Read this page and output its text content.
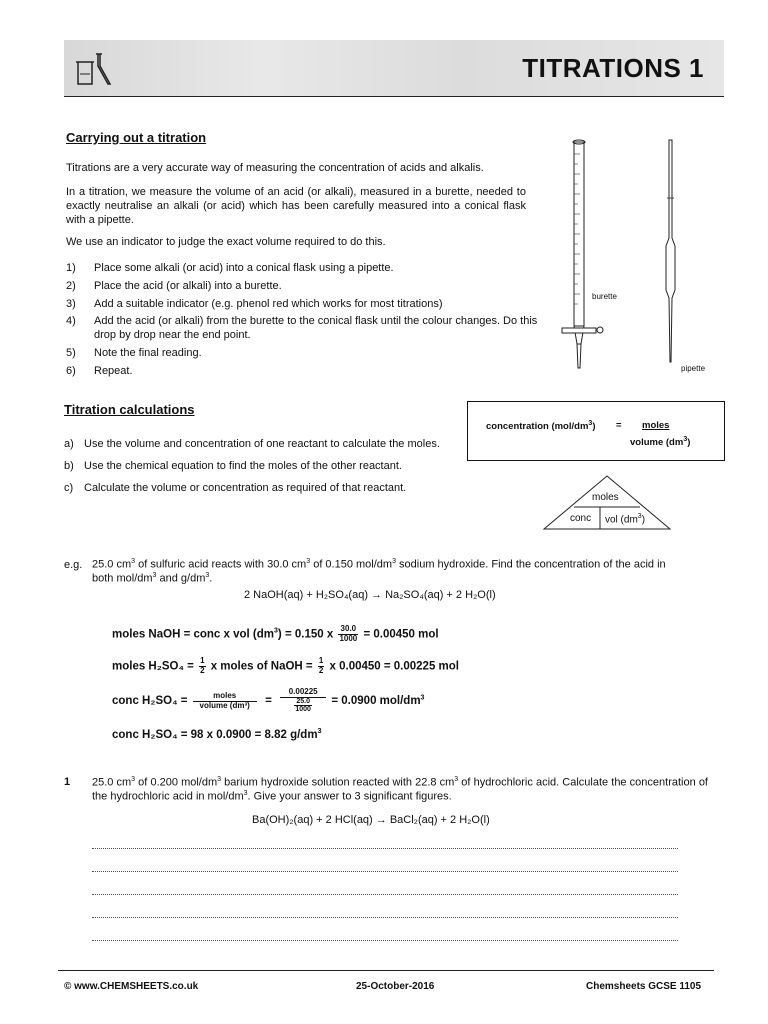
TITRATIONS 1
Carrying out a titration
Titrations are a very accurate way of measuring the concentration of acids and alkalis.
In a titration, we measure the volume of an acid (or alkali), measured in a burette, needed to exactly neutralise an alkali (or acid) which has been carefully measured into a conical flask with a pipette.
We use an indicator to judge the exact volume required to do this.
1) Place some alkali (or acid) into a conical flask using a pipette.
2) Place the acid (or alkali) into a burette.
3) Add a suitable indicator (e.g. phenol red which works for most titrations)
4) Add the acid (or alkali) from the burette to the conical flask until the colour changes. Do this drop by drop near the end point.
5) Note the final reading.
6) Repeat.
burette
pipette
Titration calculations
a) Use the volume and concentration of one reactant to calculate the moles.
b) Use the chemical equation to find the moles of the other reactant.
c) Calculate the volume or concentration as required of that reactant.
concentration $(mol/dm^3)$ = moles
volume $(dm^3)$
moles
conc vol $(dm^3)$
e.g. 25.0 $cm^3$ of sulfuric acid reacts with 30.0 $cm^3$ of 0.150 mol/$dm^3$ sodium hydroxide. Find the concentration of the acid in
both mol/$dm^3$ and $g/dm^3$.
2 NaOH(aq) + H₂SO₄(aq) → Na₂SO₄(aq) + 2 H₂O(l)
moles NaOH = conc x vol $(dm^3) = 0.150$ x $\frac{30.0}{1000} = 0.00450$ mol
moles $H_2SO_4 = \frac{1}{2}$ x moles of NaOH = $\frac{1}{2}$ x 0.00450 = 0.00225 mol
conc $H_2SO_4 = \frac{\text{moles}}{\text{volume (dm³)}} = \frac{0.00225}{\frac{25.0}{1000}} = 0.0900$ mol/$dm^3$
conc H₂SO₄ = 98 x 0.0900 = 8.82 $g/dm^3$
1 25.0 $cm^3$ of 0.200 mol/$dm^3$ barium hydroxide solution reacted with 22.8 $cm^3$ of hydrochloric acid. Calculate the concentration of the hydrochloric acid in mol/$dm^3$. Give your answer to 3 significant figures.
Ba(OH)₂(aq) + 2 HCl(aq) → BaCl₂(aq) + 2 H₂O(l)
© www.CHEMSHEETS.co.uk	25-October-2016	Chemsheets GCSE 1105
